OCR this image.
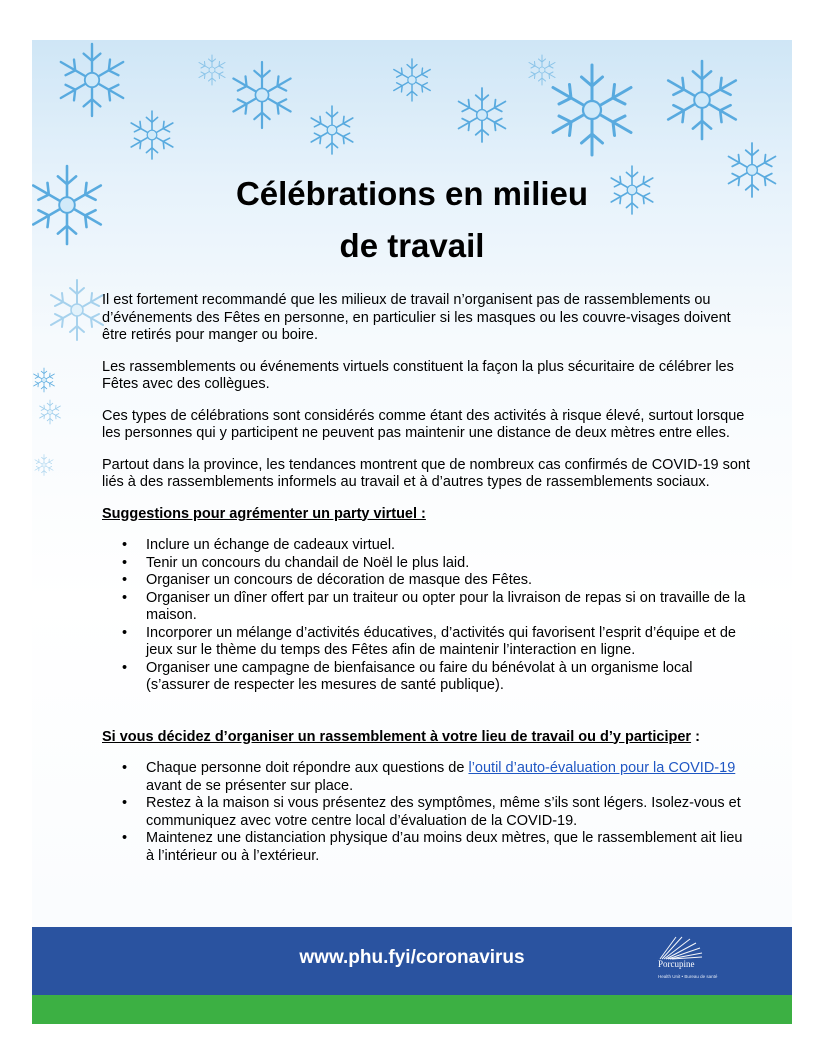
Célébrations en milieu
de travail

Il est fortement recommandé que les milieux de travail n’organisent pas de rassemblements ou d’événements des Fêtes en personne, en particulier si les masques ou les couvre-visages doivent être retirés pour manger ou boire.

Les rassemblements ou événements virtuels constituent la façon la plus sécuritaire de célébrer les Fêtes avec des collègues.

Ces types de célébrations sont considérés comme étant des activités à risque élevé, surtout lorsque les personnes qui y participent ne peuvent pas maintenir une distance de deux mètres entre elles.

Partout dans la province, les tendances montrent que de nombreux cas confirmés de COVID-19 sont liés à des rassemblements informels au travail et à d’autres types de rassemblements sociaux.

Suggestions pour agrémenter un party virtuel :
• Inclure un échange de cadeaux virtuel.
• Tenir un concours du chandail de Noël le plus laid.
• Organiser un concours de décoration de masque des Fêtes.
• Organiser un dîner offert par un traiteur ou opter pour la livraison de repas si on travaille de la maison.
• Incorporer un mélange d’activités éducatives, d’activités qui favorisent l’esprit d’équipe et de jeux sur le thème du temps des Fêtes afin de maintenir l’interaction en ligne.
• Organiser une campagne de bienfaisance ou faire du bénévolat à un organisme local (s’assurer de respecter les mesures de santé publique).
Si vous décidez d’organiser un rassemblement à votre lieu de travail ou d’y participer :
• Chaque personne doit répondre aux questions de l’outil d’auto-évaluation pour la COVID-19 avant de se présenter sur place.
• Restez à la maison si vous présentez des symptômes, même s’ils sont légers. Isolez-vous et communiquez avec votre centre local d’évaluation de la COVID-19.
• Maintenez une distanciation physique d’au moins deux mètres, que le rassemblement ait lieu à l’intérieur ou à l’extérieur.
www.phu.fyi/coronavirus	Porcupine
Health Unit • Bureau de santé
